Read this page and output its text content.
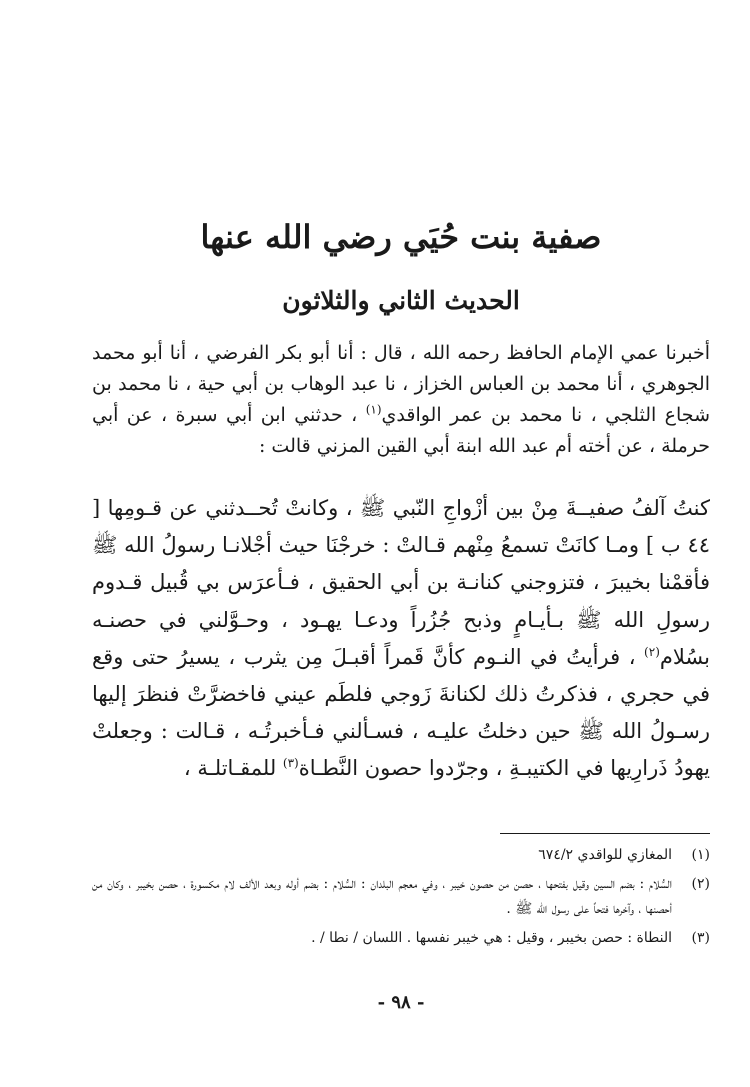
صفية بنت حُيَي رضي الله عنها
الحديث الثاني والثلاثون

أخبرنا عمي الإمام الحافظ رحمه الله ، قال : أنا أبو بكر الفرضي ، أنا أبو محمد الجوهري ، أنا محمد بن العباس الخزاز ، نا عبد الوهاب بن أبي حية ، نا محمد بن شجاع الثلجي ، نا محمد بن عمر الواقدي$^{(١)}$ ، حدثني ابن أبي سبرة ، عن أبي حرملة ، عن أخته أم عبد الله ابنة أبي القين المزني قالت :

كنتُ آلفُ صفيــةَ مِنْ بين أزْواجِ النّبي ﷺ ، وكانتْ تُحــدثني عن قـومِها [ ٤٤ ب ] ومـا كانَتْ تسمعُ مِنْهم قـالتْ : خرجْنَا حيث أجْلانـا رسولُ الله ﷺ فأقمْنا بخيبرَ ، فتزوجني كنانـة بن أبي الحقيق ، فـأعرَس بي قُبيل قـدوم رسولِ الله ﷺ بـأيـامٍ وذبح جُزُراً ودعـا يهـود ، وحـوَّلني في حصنـه بسُلام$^{(٢)}$ ، فرأيتُ في النـوم كأنَّ قَمراً أقبـلَ مِن يثرب ، يسيرُ حتى وقع في حجري ، فذكرتُ ذلك لكنانةَ زَوجي فلطَم عيني فاخضرَّتْ فنظرَ إليها رسـولُ الله ﷺ حين دخلتُ عليـه ، فسـألني فـأخبرتُـه ، قـالت : وجعلتْ يهودُ ذَرارِيها في الكتيبـةِ ، وجرّدوا حصون النَّطـاة$^{(٣)}$ للمقـاتلـة ،

(١)
المغازي للواقدي ٦٧٤/٢
(٢)
السُّلام : بضم السين وقيل بفتحها ، حصن من حصون خيبر ، وفي معجم البلدان : السُّلام : بضم أوله وبعد الألف لام مكسورة ، حصن بخيبر ، وكان من أحصنها ، وآخرها فتحاً على رسول الله ﷺ .
(٣)
النطاة : حصن بخيبر ، وقيل : هي خيبر نفسها . اللسان / نطا / .
- ٩٨ -
